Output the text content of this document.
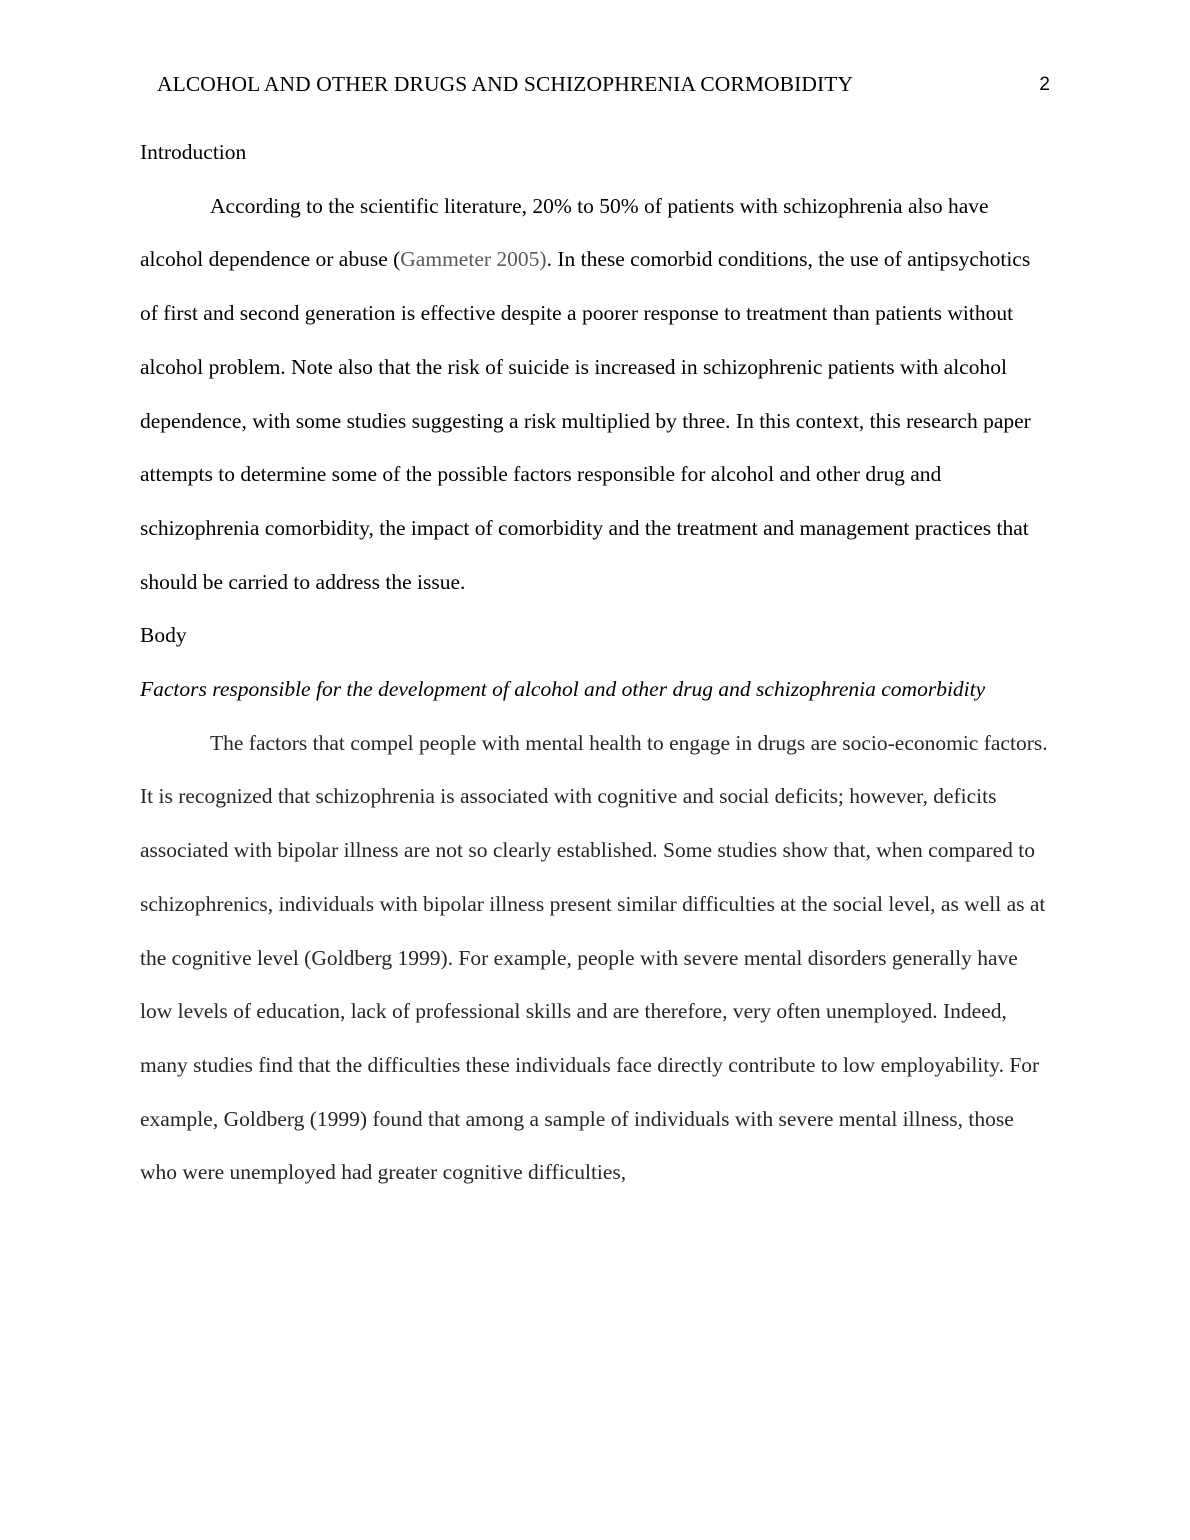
ALCOHOL AND OTHER DRUGS AND SCHIZOPHRENIA CORMOBIDITY	2

Introduction

According to the scientific literature, 20% to 50% of patients with schizophrenia also have alcohol dependence or abuse (Gammeter 2005). In these comorbid conditions, the use of antipsychotics of first and second generation is effective despite a poorer response to treatment than patients without alcohol problem. Note also that the risk of suicide is increased in schizophrenic patients with alcohol dependence, with some studies suggesting a risk multiplied by three. In this context, this research paper attempts to determine some of the possible factors responsible for alcohol and other drug and schizophrenia comorbidity, the impact of comorbidity and the treatment and management practices that should be carried to address the issue.

Body

Factors responsible for the development of alcohol and other drug and schizophrenia comorbidity

The factors that compel people with mental health to engage in drugs are socio-economic factors. It is recognized that schizophrenia is associated with cognitive and social deficits; however, deficits associated with bipolar illness are not so clearly established. Some studies show that, when compared to schizophrenics, individuals with bipolar illness present similar difficulties at the social level, as well as at the cognitive level (Goldberg 1999). For example, people with severe mental disorders generally have low levels of education, lack of professional skills and are therefore, very often unemployed. Indeed, many studies find that the difficulties these individuals face directly contribute to low employability. For example, Goldberg (1999) found that among a sample of individuals with severe mental illness, those who were unemployed had greater cognitive difficulties,
